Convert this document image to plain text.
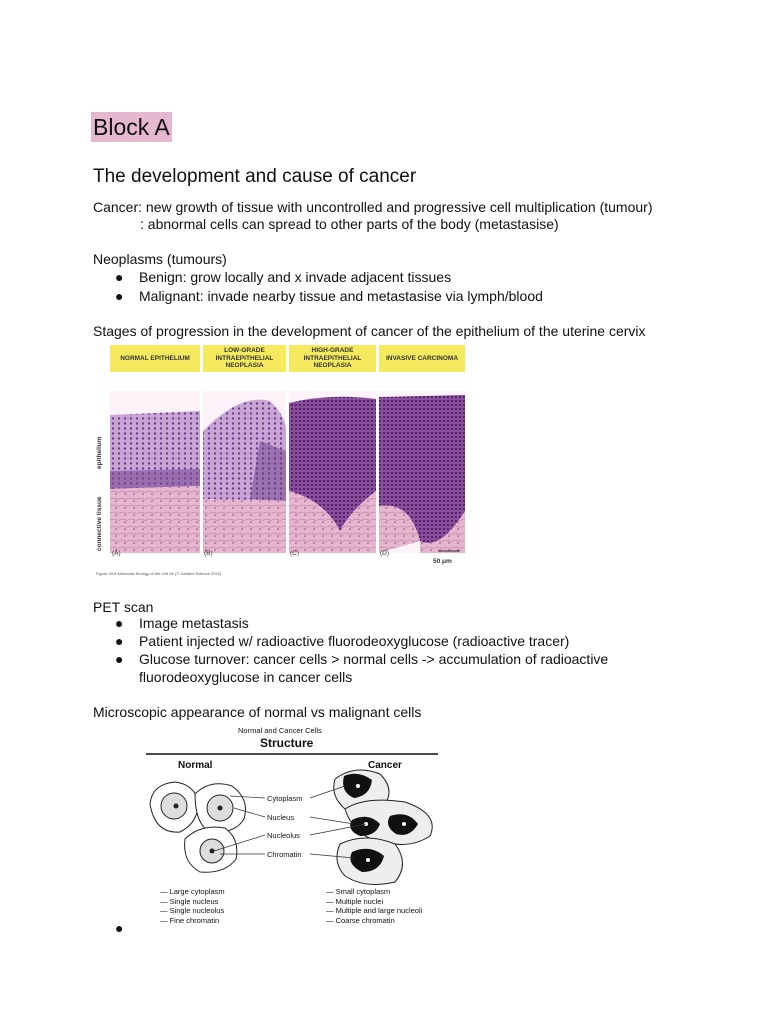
Block A
The development and cause of cancer
Cancer: new growth of tissue with uncontrolled and progressive cell multiplication (tumour)
: abnormal cells can spread to other parts of the body (metastasise)
Neoplasms (tumours)
●	Benign: grow locally and x invade adjacent tissues
●	Malignant: invade nearby tissue and metastasise via lymph/blood
Stages of progression in the development of cancer of the epithelium of the uterine cervix
NORMAL EPITHELIUM
LOW-GRADE INTRAEPITHELIAL NEOPLASIA
HIGH-GRADE INTRAEPITHELIAL NEOPLASIA
INVASIVE CARCINOMA
epithelium
connective tissue
(A)	(B)	(C)	(D)
50 μm
Figure 20-8 Molecular Biology of the Cell 6e (© Garland Science 2015)
PET scan
●	Image metastasis
●	Patient injected w/ radioactive fluorodeoxyglucose (radioactive tracer)
●	Glucose turnover: cancer cells > normal cells -> accumulation of radioactive
fluorodeoxyglucose in cancer cells
Microscopic appearance of normal vs malignant cells
Normal and Cancer Cells
Structure
Normal	Cancer
Cytoplasm
Nucleus
Nucleolus
Chromatin
— Large cytoplasm
— Single nucleus
— Single nucleolus
— Fine chromatin
— Small cytoplasm
— Multiple nuclei
— Multiple and large nucleoli
— Coarse chromatin
●
